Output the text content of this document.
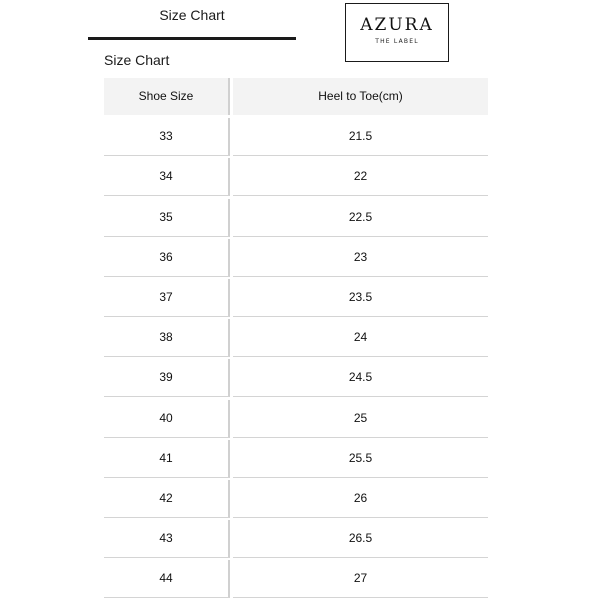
Size Chart	AZURA
THE LABEL
Size Chart
Shoe Size	Heel to Toe(cm)
33	21.5
34	22
35	22.5
36	23
37	23.5
38	24
39	24.5
40	25
41	25.5
42	26
43	26.5
44	27
